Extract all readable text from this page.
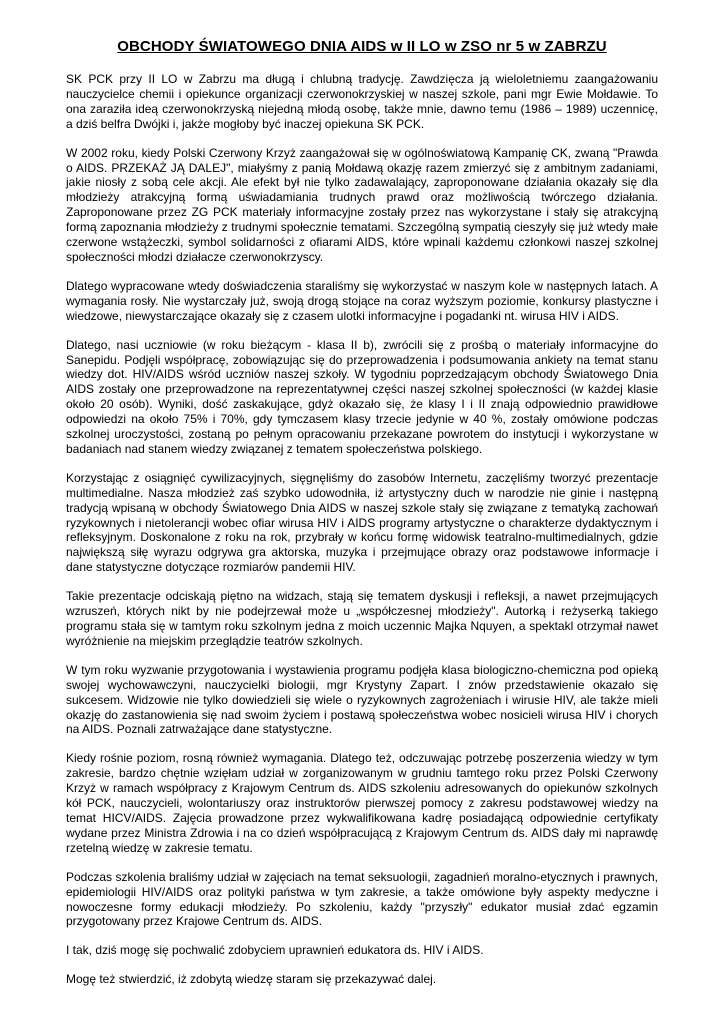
OBCHODY ŚWIATOWEGO DNIA AIDS w II LO w ZSO nr 5 w ZABRZU

SK PCK przy II LO w Zabrzu ma długą i chlubną tradycję. Zawdzięcza ją wieloletniemu zaangażowaniu nauczycielce chemii i opiekunce organizacji czerwonokrzyskiej w naszej szkole, pani mgr Ewie Mołdawie. To ona zaraziła ideą czerwonokrzyską niejedną młodą osobę, także mnie, dawno temu (1986 – 1989) uczennicę, a dziś belfra Dwójki i, jakże mogłoby być inaczej opiekuna SK PCK.

W 2002 roku, kiedy Polski Czerwony Krzyż zaangażował się w ogólnoświatową Kampanię CK, zwaną "Prawda o AIDS. PRZEKAŻ JĄ DALEJ", miałyśmy z panią Mołdawą okazję razem zmierzyć się z ambitnym zadaniami, jakie niosły z sobą cele akcji. Ale efekt był nie tylko zadawalający, zaproponowane działania okazały się dla młodzieży atrakcyjną formą uświadamiania trudnych prawd oraz możliwością twórczego działania. Zaproponowane przez ZG PCK materiały informacyjne zostały przez nas wykorzystane i stały się atrakcyjną formą zapoznania młodzieży z trudnymi społecznie tematami. Szczególną sympatią cieszyły się już wtedy małe czerwone wstążeczki, symbol solidarności z ofiarami AIDS, które wpinali każdemu członkowi naszej szkolnej społeczności młodzi działacze czerwonokrzyscy.

Dlatego wypracowane wtedy doświadczenia staraliśmy się wykorzystać w naszym kole w następnych latach. A wymagania rosły. Nie wystarczały już, swoją drogą stojące na coraz wyższym poziomie, konkursy plastyczne i wiedzowe, niewystarczające okazały się z czasem ulotki informacyjne i pogadanki nt. wirusa HIV i AIDS.

Dlatego, nasi uczniowie (w roku bieżącym - klasa II b), zwrócili się z prośbą o materiały informacyjne do Sanepidu. Podjęli współpracę, zobowiązując się do przeprowadzenia i podsumowania ankiety na temat stanu wiedzy dot. HIV/AIDS wśród uczniów naszej szkoły. W tygodniu poprzedzającym obchody Światowego Dnia AIDS zostały one przeprowadzone na reprezentatywnej części naszej szkolnej społeczności (w każdej klasie około 20 osób). Wyniki, dość zaskakujące, gdyż okazało się, że klasy I i II znają odpowiednio prawidłowe odpowiedzi na około 75% i 70%, gdy tymczasem klasy trzecie jedynie w 40 %, zostały omówione podczas szkolnej uroczystości, zostaną po pełnym opracowaniu przekazane powrotem do instytucji i wykorzystane w badaniach nad stanem wiedzy związanej z tematem społeczeństwa polskiego.

Korzystając z osiągnięć cywilizacyjnych, sięgnęliśmy do zasobów Internetu, zaczęliśmy tworzyć prezentacje multimedialne. Nasza młodzież zaś szybko udowodniła, iż artystyczny duch w narodzie nie ginie i następną tradycją wpisaną w obchody Światowego Dnia AIDS w naszej szkole stały się związane z tematyką zachowań ryzykownych i nietolerancji wobec ofiar wirusa HIV i AIDS programy artystyczne o charakterze dydaktycznym i refleksyjnym. Doskonalone z roku na rok, przybrały w końcu formę widowisk teatralno-multimedialnych, gdzie największą siłę wyrazu odgrywa gra aktorska, muzyka i przejmujące obrazy oraz podstawowe informacje i dane statystyczne dotyczące rozmiarów pandemii HIV.

Takie prezentacje odciskają piętno na widzach, stają się tematem dyskusji i refleksji, a nawet przejmujących wzruszeń, których nikt by nie podejrzewał może u „współczesnej młodzieży". Autorką i reżyserką takiego programu stała się w tamtym roku szkolnym jedna z moich uczennic Majka Nquyen, a spektakl otrzymał nawet wyróżnienie na miejskim przeglądzie teatrów szkolnych.

W tym roku wyzwanie przygotowania i wystawienia programu podjęła klasa biologiczno-chemiczna pod opieką swojej wychowawczyni, nauczycielki biologii, mgr Krystyny Zapart. I znów przedstawienie okazało się sukcesem. Widzowie nie tylko dowiedzieli się wiele o ryzykownych zagrożeniach i wirusie HIV, ale także mieli okazję do zastanowienia się nad swoim życiem i postawą społeczeństwa wobec nosicieli wirusa HIV i chorych na AIDS. Poznali zatrważające dane statystyczne.

Kiedy rośnie poziom, rosną również wymagania. Dlatego też, odczuwając potrzebę poszerzenia wiedzy w tym zakresie, bardzo chętnie wzięłam udział w zorganizowanym w grudniu tamtego roku przez Polski Czerwony Krzyż w ramach współpracy z Krajowym Centrum ds. AIDS szkoleniu adresowanych do opiekunów szkolnych kół PCK, nauczycieli, wolontariuszy oraz instruktorów pierwszej pomocy z zakresu podstawowej wiedzy na temat HICV/AIDS. Zajęcia prowadzone przez wykwalifikowana kadrę posiadającą odpowiednie certyfikaty wydane przez Ministra Zdrowia i na co dzień współpracującą z Krajowym Centrum ds. AIDS dały mi naprawdę rzetelną wiedzę w zakresie tematu.

Podczas szkolenia braliśmy udział w zajęciach na temat seksuologii, zagadnień moralno-etycznych i prawnych, epidemiologii HIV/AIDS oraz polityki państwa w tym zakresie, a także omówione były aspekty medyczne i nowoczesne formy edukacji młodzieży. Po szkoleniu, każdy "przyszły" edukator musiał zdać egzamin przygotowany przez Krajowe Centrum ds. AIDS.

I tak, dziś mogę się pochwalić zdobyciem uprawnień edukatora ds. HIV i AIDS.

Mogę też stwierdzić, iż zdobytą wiedzę staram się przekazywać dalej.
